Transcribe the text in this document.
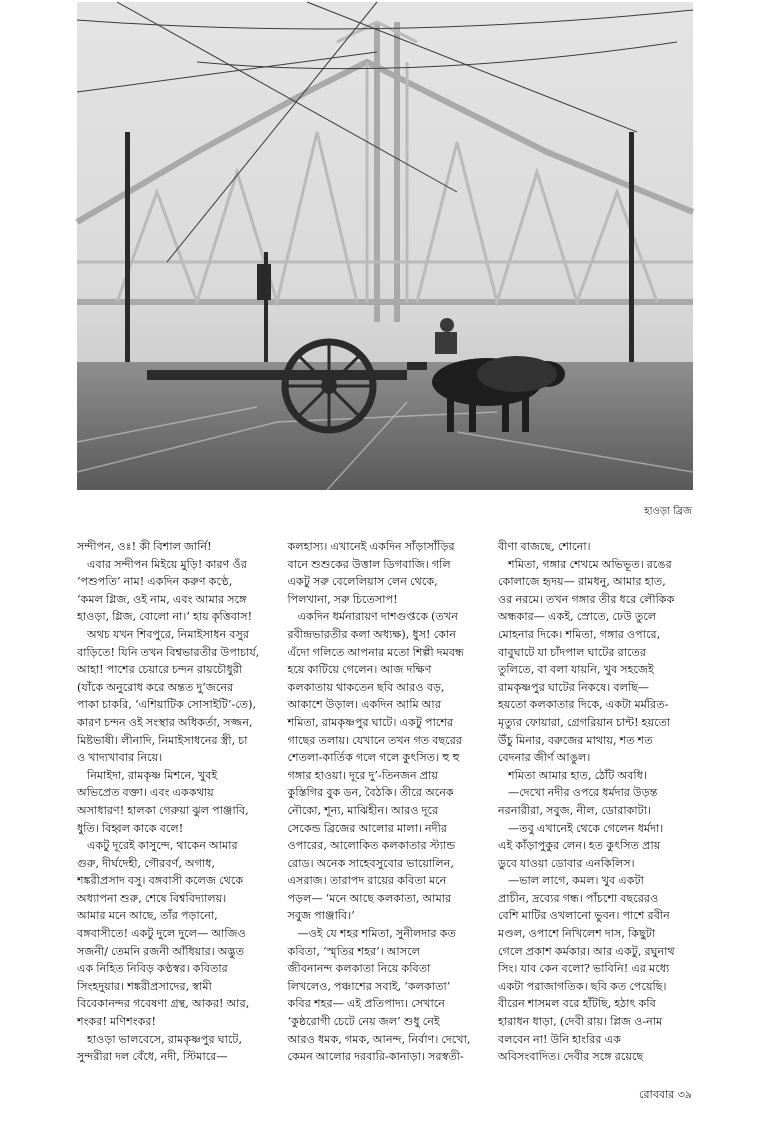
হাওড়া ব্রিজ

সন্দীপন, ওঃ! কী বিশাল জার্নি!

এবার সন্দীপন মিইয়ে মুড়ি! কারণ ওঁর

‘পশুপতি’ নাম! একদিন করুণ কণ্ঠে,

‘কমল গ্লিজ, ওই নাম, এবং আমার সঙ্গে

হাওড়া, গ্লিজ, বোলো না।’ হায় কৃত্তিবাস!

অথচ যখন শিবপুরে, নিমাইসাধন বসুর

বাড়িতে! যিনি তখন বিশ্বভারতীর উপাচার্য,

আহা! পাশের চেয়ারে চন্দন রায়চৌধুরী

(যাঁকে অনুরোধ করে অন্তত দু’জনের

পাকা চাকরি, ‘এশিয়াটিক সোসাইটি’-তে),

কারণ চন্দন ওই সংস্থার অধিকর্তা, সজ্জন,

মিষ্টভাষী। লীনাদি, নিমাইসাধনের স্ত্রী, চা

ও খাদ্যখাবার নিয়ে।

নিমাইদা, রামকৃষ্ণ মিশনে, খুবই

অভিপ্রেত বক্তা। এবং এককথায়

অসাধারণ! হালকা গেরুয়া ঝুল পাঞ্জাবি,

ধুতি। বিহ্বল কাকে বলে!

একটু দূরেই কাসুন্দে, থাকেন আমার

গুরু, দীর্ঘদেহী, গৌরবর্ণ, অগাধ,

শঙ্করীপ্রসাদ বসু। বঙ্গবাসী কলেজ থেকে

অধ্যাপনা শুরু, শেষে বিশ্ববিদ্যালয়।

আমার মনে আছে, তাঁর পড়ানো,

বঙ্গবাসীতে! একটু দুলে দুলে— আজিও

সজনী/ তেমনি রজনী আঁধিয়ার। অদ্ভুত

এক নিহিত নিবিড় কণ্ঠস্বর। কবিতার

সিংহদুয়ার। শঙ্করীপ্রসাদের, স্বামী

বিবেকানন্দর গবেষণা গ্রন্থ, আকর! আর,

শংকর! মণিশংকর!

হাওড়া ভালবেসে, রামকৃষ্ণপুর ঘাটে,

সুন্দরীরা দল বেঁধে, নদী, স্টিমারে—

কলহাস্য। এখানেই একদিন সাঁড়াসাঁড়ির

বানে শুশুকের উত্তাল ডিগবাজি। গলি

একটু সরু বেলেলিয়াস লেন থেকে,

পিলখানা, সরু চিতেসাপ!

একদিন ধর্মনারায়ণ দাশগুপ্তকে (তখন

রবীন্দ্রভারতীর কলা অধ্যক্ষ), ধুস! কোন

এঁদো গলিতে আপনার মতো শিল্পী দমবন্ধ

হয়ে কাটিয়ে গেলেন। আজ দক্ষিণ

কলকাতায় থাকতেন ছবি আরও বড়,

আকাশে উড়াল। একদিন আমি আর

শমিতা, রামকৃষ্ণপুর ঘাটে। একটু পাশের

গাছের তলায়। যেখানে তখন গত বছরের

শেতলা-কার্তিক গলে গলে কুৎসিত। হু হু

গঙ্গার হাওয়া। দূরে দু’-তিনজন প্রায়

কুস্তিগির বুক ডন, বৈঠকি। তীরে অনেক

নৌকো, শূন্য, মাঝিহীন। আরও দূরে

সেকেন্ড ব্রিজের আলোর মালা। নদীর

ওপারের, আলোকিত কলকাতার স্ট্যান্ড

রোড। অনেক সাহেবসুবোর ভায়োলিন,

এসরাজ। তারাপদ রায়ের কবিতা মনে

পড়ল— ‘মনে আছে কলকাতা, আমার

সবুজ পাঞ্জাবি।’

—ওই যে শহর শমিতা, সুনীলদার কত

কবিতা, ‘স্মৃতির শহর’। আসলে

জীবনানন্দ কলকাতা নিয়ে কবিতা

লিখলেও, পঞ্চাশের সবাই, ‘কলকাতা’

কবির শহর— এই প্রতিপাদ্য। সেখানে

‘কুষ্ঠরোগী চেটে নেয় জল’ শুধু নেই

আরও ধমক, গমক, আনন্দ, নির্বাণ। দেখো,

কেমন আলোর দরবারি-কানাড়া। সরস্বতী-

বীণা বাজছে, শোনো।

শমিতা, গঙ্গার শেখমে অভিভূত। রঙের

কোলাজে হৃদয়— রামধনু, আমার হাত,

ওর নরমে। তখন গঙ্গার তীর ধরে লৌকিক

অন্ধকার— একই, স্রোতে, ঢেউ তুলে

মোহনার দিকে। শমিতা, গঙ্গার ওপারে,

বাবুঘাটে যা চাঁদপাল ঘাটের রাতের

তুলিতে, বা বলা যায়নি, খুব সহজেই

রামকৃষ্ণপুর ঘাটের নিকষে। বলছি—

হয়তো কলকাতার দিকে, একটা মর্মরিত-

মৃত্যুর ফোয়ারা, গ্রেগরিয়ান চান্ট! হয়তো

উঁচু মিনার, বরুজের মাথায়, শত শত

বেদনার জীর্ণ আঙুল।

শমিতা আমার হাত, ঠোঁট অবধি।

—দেখো নদীর ওপরে ধর্মদার উড়ন্ত

নরনারীরা, সবুজ, নীল, ডোরাকাটা।

—তবু এখানেই থেকে গেলেন ধর্মদা।

এই কাঁড়াপুকুর লেন। হত কুৎসিত প্রায়

ডুবে যাওয়া ডোবার এনকিলিস।

—ভাল লাগে, কমল। খুব একটা

প্রাচীন, দ্রব্যের গন্ধ। পাঁচশো বছরেরও

বেশি মাটির ওখলানো ভুবন। পাশে রবীন

মণ্ডল, ওপাশে নিখিলেশ দাস, কিছুটা

গেলে প্রকাশ কর্মকার। আর একটু, রঘুনাথ

সিং। যাব কেন বলো? ভাবিনি! এর মধ্যে

একটা পরাজাগতিক। ছবি কত পেয়েছি।

বীরেন শাসমল বরে হাঁটছি, হঠাৎ কবি

হারাধন ধাড়া, (দেবী রায়। প্লিজ ও-নাম

বলবেন না! উনি হাংরির এক

অবিসংবাদিত। দেবীর সঙ্গে রয়েছে

রোববার ৩৯
